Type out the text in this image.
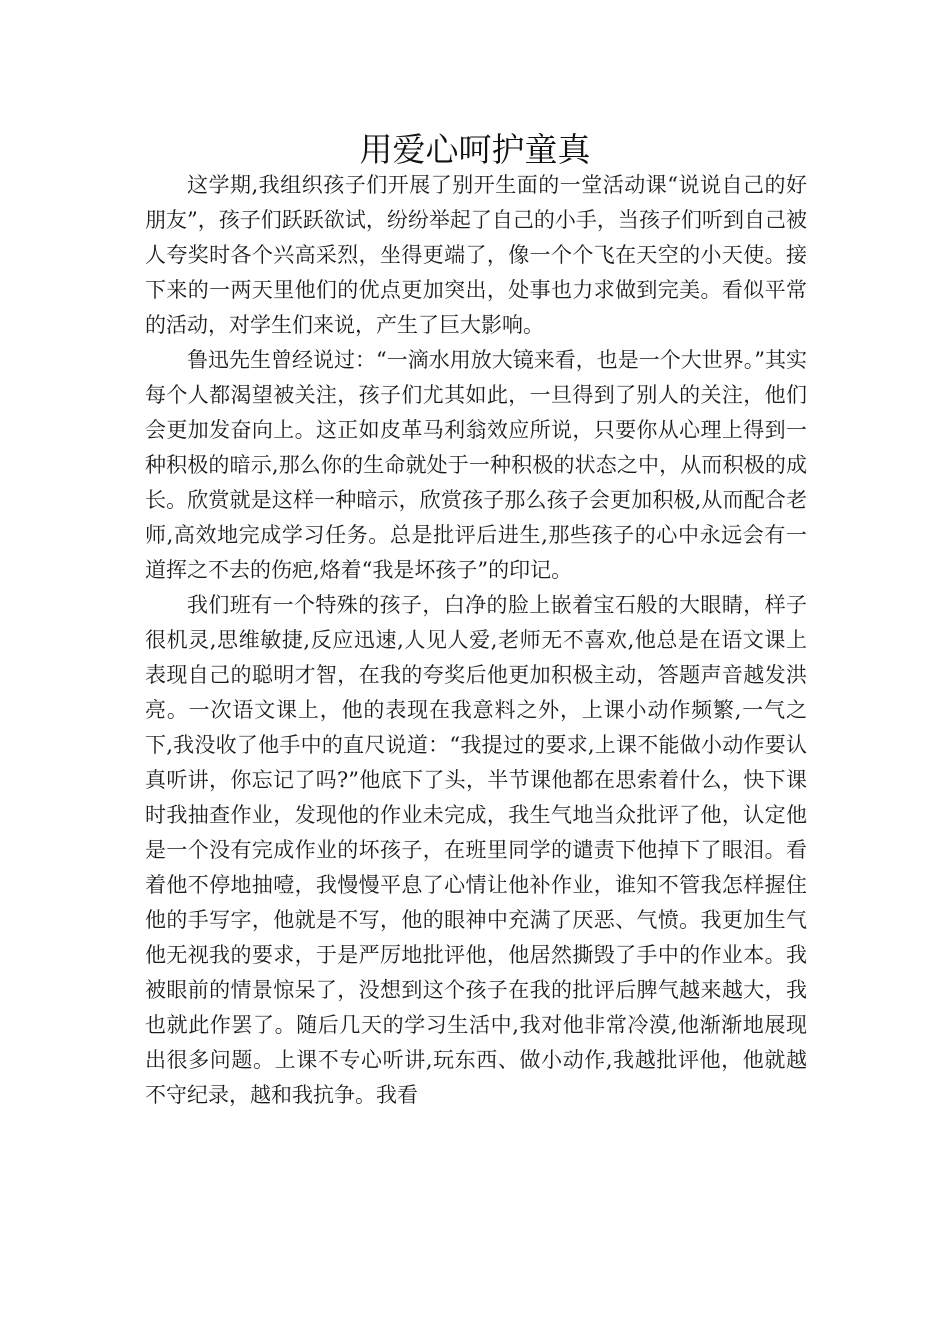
用爱心呵护童真

这学期,我组织孩子们开展了别开生面的一堂活动课“说说自己的好朋友”，孩子们跃跃欲试，纷纷举起了自己的小手，当孩子们听到自己被人夸奖时各个兴高采烈，坐得更端了，像一个个飞在天空的小天使。接下来的一两天里他们的优点更加突出，处事也力求做到完美。看似平常的活动，对学生们来说，产生了巨大影响。

鲁迅先生曾经说过：“一滴水用放大镜来看，也是一个大世界。”其实每个人都渴望被关注，孩子们尤其如此，一旦得到了别人的关注，他们会更加发奋向上。这正如皮革马利翁效应所说，只要你从心理上得到一种积极的暗示,那么你的生命就处于一种积极的状态之中，从而积极的成长。欣赏就是这样一种暗示，欣赏孩子那么孩子会更加积极,从而配合老师,高效地完成学习任务。总是批评后进生,那些孩子的心中永远会有一道挥之不去的伤疤,烙着“我是坏孩子”的印记。

我们班有一个特殊的孩子，白净的脸上嵌着宝石般的大眼睛，样子很机灵,思维敏捷,反应迅速,人见人爱,老师无不喜欢,他总是在语文课上表现自己的聪明才智，在我的夸奖后他更加积极主动，答题声音越发洪亮。一次语文课上，他的表现在我意料之外，上课小动作频繁,一气之下,我没收了他手中的直尺说道：“我提过的要求,上课不能做小动作要认真听讲，你忘记了吗?”他底下了头，半节课他都在思索着什么，快下课时我抽查作业，发现他的作业未完成，我生气地当众批评了他，认定他是一个没有完成作业的坏孩子，在班里同学的谴责下他掉下了眼泪。看着他不停地抽噎，我慢慢平息了心情让他补作业，谁知不管我怎样握住他的手写字，他就是不写，他的眼神中充满了厌恶、气愤。我更加生气他无视我的要求，于是严厉地批评他，他居然撕毁了手中的作业本。我被眼前的情景惊呆了，没想到这个孩子在我的批评后脾气越来越大，我也就此作罢了。随后几天的学习生活中,我对他非常冷漠,他渐渐地展现出很多问题。上课不专心听讲,玩东西、做小动作,我越批评他，他就越不守纪录，越和我抗争。我看
